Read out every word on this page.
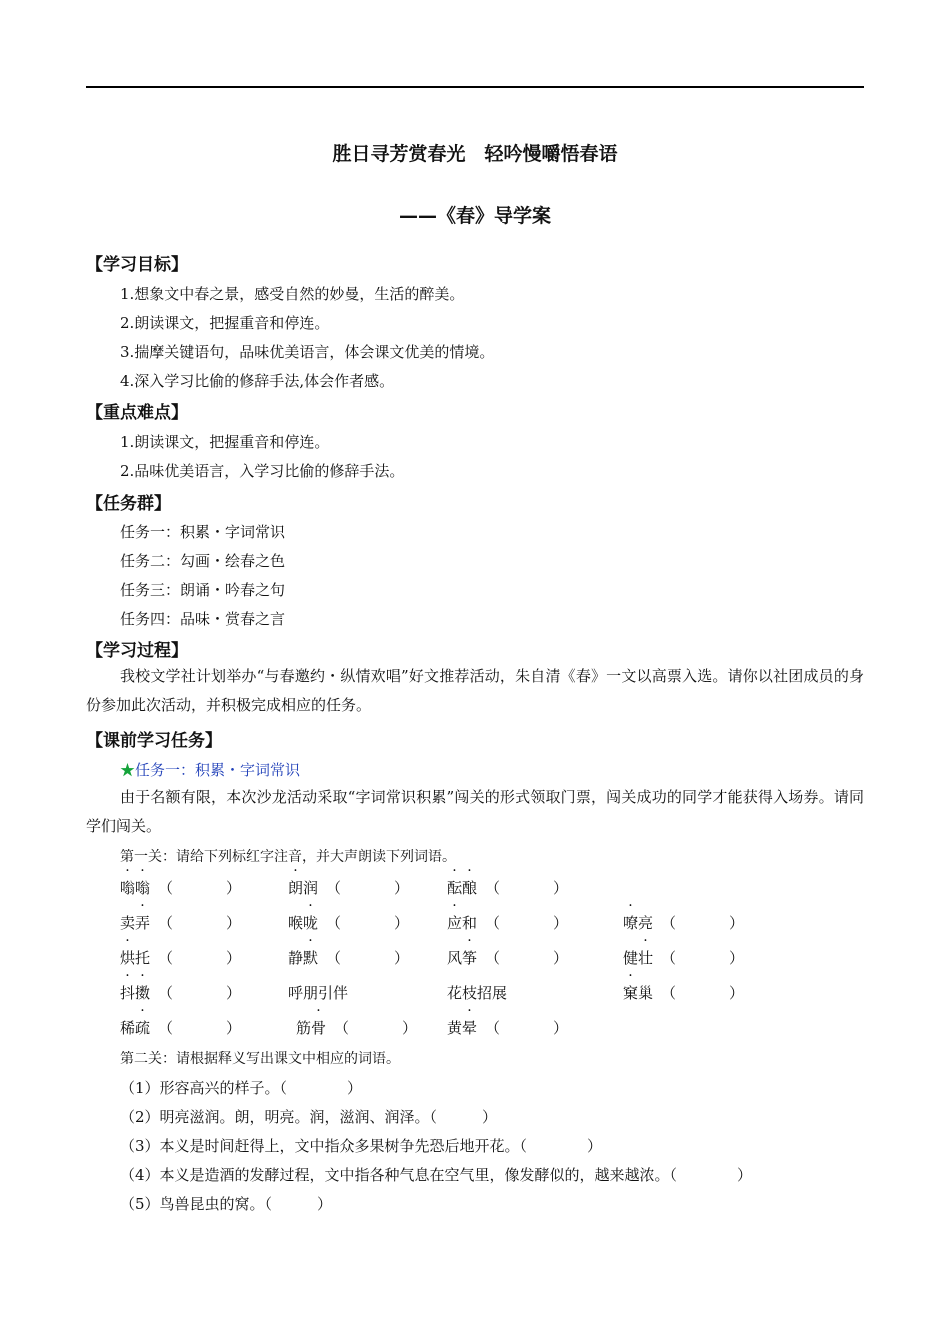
胜日寻芳赏春光　轻吟慢嚼悟春语
——《春》导学案
【学习目标】
1.想象文中春之景，感受自然的妙曼，生活的醉美。
2.朗读课文，把握重音和停连。
3.揣摩关键语句，品味优美语言，体会课文优美的情境。
4.深入学习比偷的修辞手法,体会作者感。
【重点难点】
1.朗读课文，把握重音和停连。
2.品味优美语言，入学习比偷的修辞手法。
【任务群】
任务一：积累・字词常识
任务二：勾画・绘春之色
任务三：朗诵・吟春之句
任务四：品味・赏春之言
【学习过程】
我校文学社计划举办“与春邀约・纵情欢唱”好文推荐活动，朱自清《春》一文以高票入选。请你以社团成员的身份参加此次活动，并积极完成相应的任务。
【课前学习任务】
★任务一：积累・字词常识
由于名额有限，本次沙龙活动采取“字词常识积累”闯关的形式领取门票，闯关成功的同学才能获得入场券。请同学们闯关。
第一关：请给下列标红字注音，并大声朗读下列词语。
嗡嗡 （	）	朗润 （	）	酝酿 （	）
卖弄 （	）	喉咙 （	）	应和 （	）	嘹亮 （	）
烘托 （	）	静默 （	）	风筝 （	）	健壮 （	）
抖擞 （	）	呼朋引伴	花枝招展	窠巢 （	）
稀疏 （	）	筋骨 （	） 黄晕 （	）
第二关：请根据释义写出课文中相应的词语。
（1）形容高兴的样子。（　　　　）
（2）明亮滋润。朗，明亮。润，滋润、润泽。（　　　）
（3）本义是时间赶得上，文中指众多果树争先恐后地开花。（　　　　）
（4）本义是造酒的发酵过程，文中指各种气息在空气里，像发酵似的，越来越浓。（　　　　）
（5）鸟兽昆虫的窝。（　　　）
